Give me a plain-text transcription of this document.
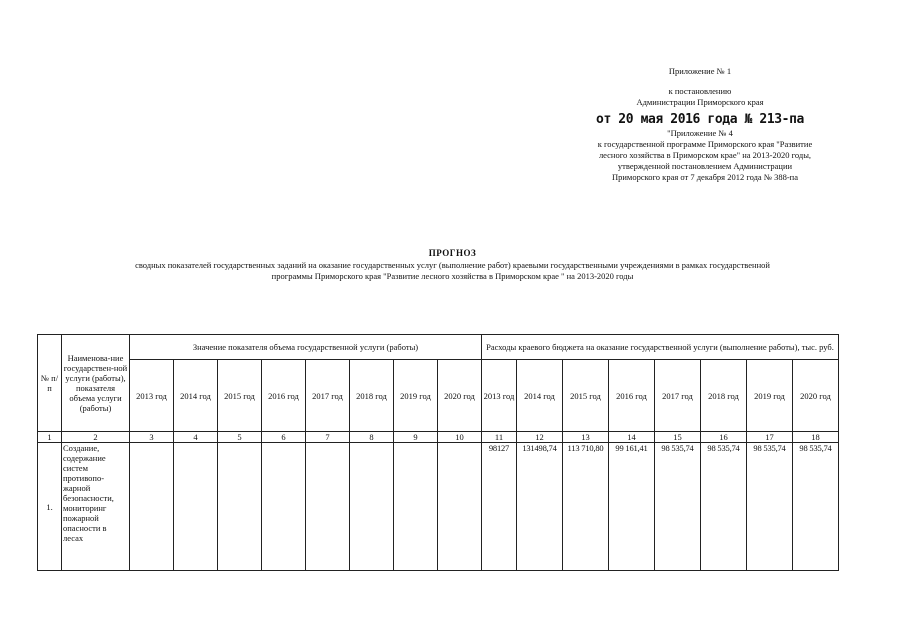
Приложение № 1
к постановлению
Администрации Приморского края
от 20 мая 2016 года № 213-па
"Приложение № 4
к государственной программе Приморского края "Развитие
лесного хозяйства в Приморском крае" на 2013-2020 годы,
утвержденной постановлением Администрации
Приморского края от 7 декабря 2012 года № 388-па
ПРОГНОЗ
сводных показателей государственных заданий на оказание государственных услуг (выполнение работ) краевыми государственными учреждениями в рамках государственной
программы Приморского края "Развитие лесного хозяйства в Приморском крае " на 2013-2020 годы
№ п/п	Наименова-ние государствен-ной услуги (работы), показателя объема услуги (работы)	Значение показателя объема государственной услуги (работы)								Расходы краевого бюджета на оказание государственной услуги (выполнение работы), тыс. руб.							
		2013 год	2014 год	2015 год	2016 год	2017 год	2018 год	2019 год	2020 год	2013 год	2014 год	2015 год	2016 год	2017 год	2018 год	2019 год	2020 год
1	2	3	4	5	6	7	8	9	10	11	12	13	14	15	16	17	18
1.	Создание, содержание систем противопо-жарной безопасности, мониторинг пожарной опасности в лесах									98127	131498,74	113 710,80	99 161,41	98 535,74	98 535,74	98 535,74	98 535,74
